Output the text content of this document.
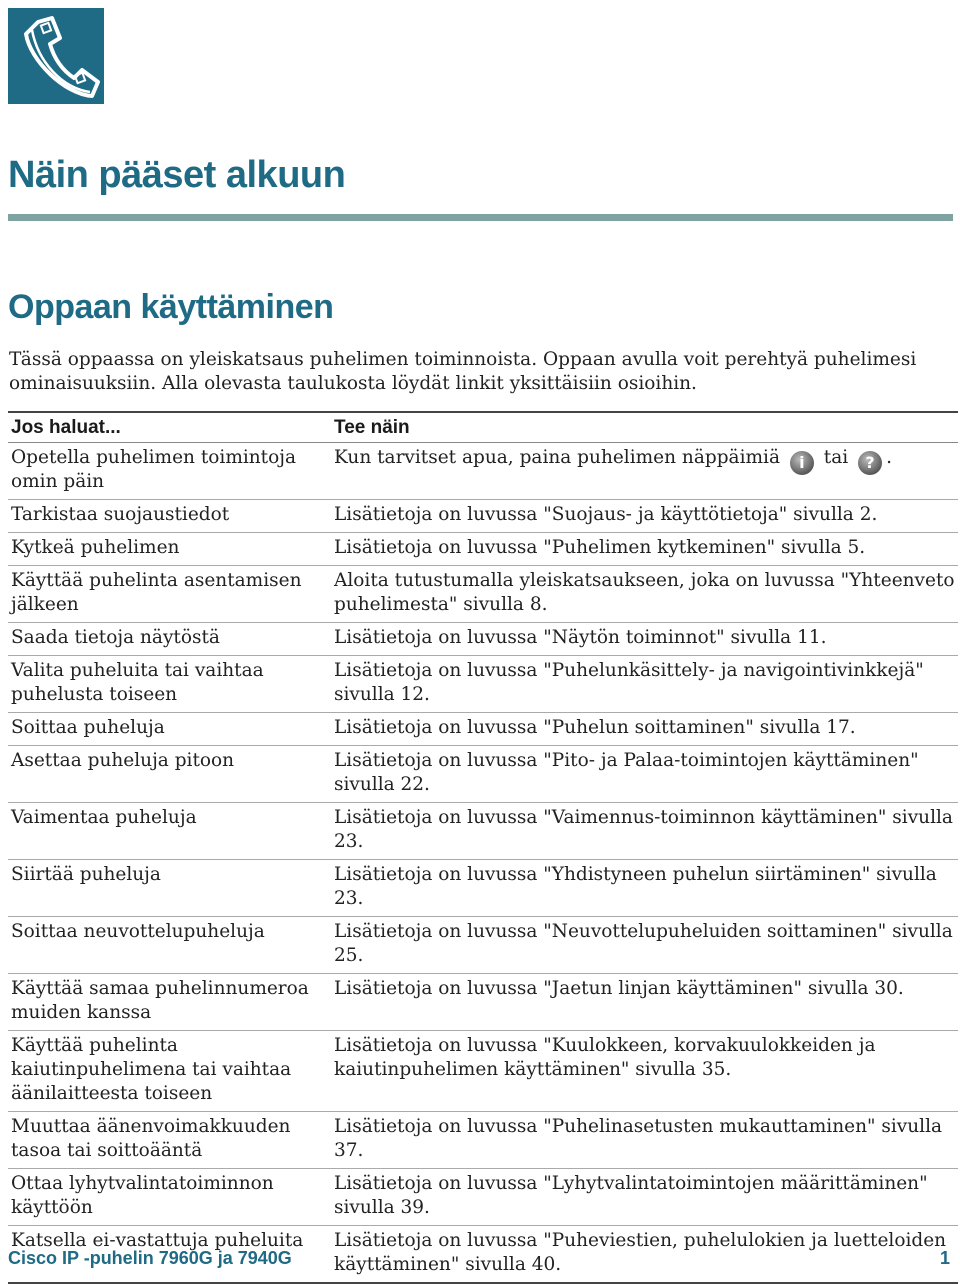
Näin pääset alkuun
Oppaan käyttäminen

Tässä oppaassa on yleiskatsaus puhelimen toiminnoista. Oppaan avulla voit perehtyä puhelimesi ominaisuuksiin. Alla olevasta taulukosta löydät linkit yksittäisiin osioihin.

Jos haluat...	Tee näin
Opetella puhelimen toimintoja omin päin	Kun tarvitset apua, paina puhelimen näppäimiä i tai ? .
Tarkistaa suojaustiedot	Lisätietoja on luvussa "Suojaus- ja käyttötietoja" sivulla 2.
Kytkeä puhelimen	Lisätietoja on luvussa "Puhelimen kytkeminen" sivulla 5.
Käyttää puhelinta asentamisen jälkeen	Aloita tutustumalla yleiskatsaukseen, joka on luvussa "Yhteenveto puhelimesta" sivulla 8.
Saada tietoja näytöstä	Lisätietoja on luvussa "Näytön toiminnot" sivulla 11.
Valita puheluita tai vaihtaa puhelusta toiseen	Lisätietoja on luvussa "Puhelunkäsittely- ja navigointivinkkejä" sivulla 12.
Soittaa puheluja	Lisätietoja on luvussa "Puhelun soittaminen" sivulla 17.
Asettaa puheluja pitoon	Lisätietoja on luvussa "Pito- ja Palaa-toimintojen käyttäminen" sivulla 22.
Vaimentaa puheluja	Lisätietoja on luvussa "Vaimennus-toiminnon käyttäminen" sivulla 23.
Siirtää puheluja	Lisätietoja on luvussa "Yhdistyneen puhelun siirtäminen" sivulla 23.
Soittaa neuvottelupuheluja	Lisätietoja on luvussa "Neuvottelupuheluiden soittaminen" sivulla 25.
Käyttää samaa puhelinnumeroa muiden kanssa	Lisätietoja on luvussa "Jaetun linjan käyttäminen" sivulla 30.
Käyttää puhelinta kaiutinpuhelimena tai vaihtaa äänilaitteesta toiseen	Lisätietoja on luvussa "Kuulokkeen, korvakuulokkeiden ja kaiutinpuhelimen käyttäminen" sivulla 35.
Muuttaa äänenvoimakkuuden tasoa tai soittoääntä	Lisätietoja on luvussa "Puhelinasetusten mukauttaminen" sivulla 37.
Ottaa lyhytvalintatoiminnon käyttöön	Lisätietoja on luvussa "Lyhytvalintatoimintojen määrittäminen" sivulla 39.
Katsella ei-vastattuja puheluita	Lisätietoja on luvussa "Puheviestien, puhelulokien ja luetteloiden käyttäminen" sivulla 40.
Cisco IP -puhelin 7960G ja 7940G	1
